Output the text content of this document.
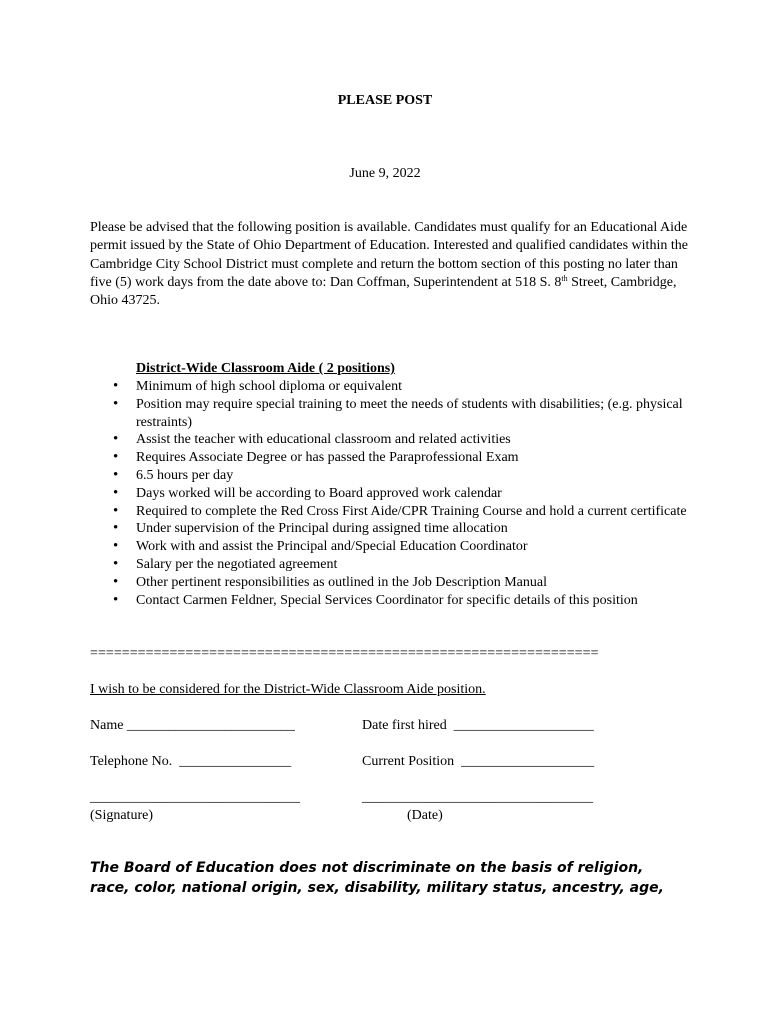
PLEASE POST
June 9, 2022
Please be advised that the following position is available. Candidates must qualify for an Educational Aide permit issued by the State of Ohio Department of Education. Interested and qualified candidates within the Cambridge City School District must complete and return the bottom section of this posting no later than five (5) work days from the date above to: Dan Coffman, Superintendent at 518 S. 8th Street, Cambridge, Ohio 43725.
District-Wide Classroom Aide ( 2 positions)
• Minimum of high school diploma or equivalent
• Position may require special training to meet the needs of students with disabilities; (e.g. physical restraints)
• Assist the teacher with educational classroom and related activities
• Requires Associate Degree or has passed the Paraprofessional Exam
• 6.5 hours per day
• Days worked will be according to Board approved work calendar
• Required to complete the Red Cross First Aide/CPR Training Course and hold a current certificate
• Under supervision of the Principal during assigned time allocation
• Work with and assist the Principal and/Special Education Coordinator
• Salary per the negotiated agreement
• Other pertinent responsibilities as outlined in the Job Description Manual
• Contact Carmen Feldner, Special Services Coordinator for specific details of this position
================================================================
I wish to be considered for the District-Wide Classroom Aide position.
Name ________________________	Date first hired  ____________________
Telephone No.  ________________	Current Position  ___________________
______________________________	_________________________________
(Signature)	(Date)
The Board of Education does not discriminate on the basis of religion,
race, color, national origin, sex, disability, military status, ancestry, age,
